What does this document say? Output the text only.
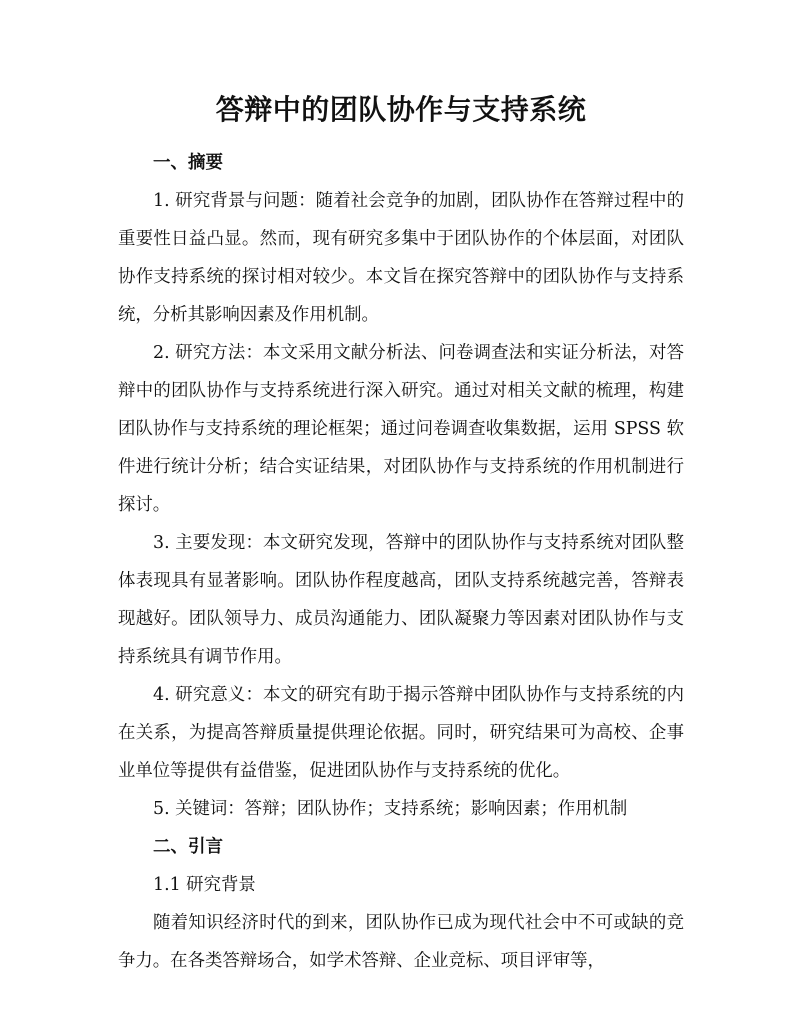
答辩中的团队协作与支持系统

一、摘要

1. 研究背景与问题：随着社会竞争的加剧，团队协作在答辩过程中的重要性日益凸显。然而，现有研究多集中于团队协作的个体层面，对团队协作支持系统的探讨相对较少。本文旨在探究答辩中的团队协作与支持系统，分析其影响因素及作用机制。

2. 研究方法：本文采用文献分析法、问卷调查法和实证分析法，对答辩中的团队协作与支持系统进行深入研究。通过对相关文献的梳理，构建团队协作与支持系统的理论框架；通过问卷调查收集数据，运用 SPSS 软件进行统计分析；结合实证结果，对团队协作与支持系统的作用机制进行探讨。

3. 主要发现：本文研究发现，答辩中的团队协作与支持系统对团队整体表现具有显著影响。团队协作程度越高，团队支持系统越完善，答辩表现越好。团队领导力、成员沟通能力、团队凝聚力等因素对团队协作与支持系统具有调节作用。

4. 研究意义：本文的研究有助于揭示答辩中团队协作与支持系统的内在关系，为提高答辩质量提供理论依据。同时，研究结果可为高校、企事业单位等提供有益借鉴，促进团队协作与支持系统的优化。

5. 关键词：答辩；团队协作；支持系统；影响因素；作用机制

二、引言

1.1 研究背景

随着知识经济时代的到来，团队协作已成为现代社会中不可或缺的竞争力。在各类答辩场合，如学术答辩、企业竞标、项目评审等，
